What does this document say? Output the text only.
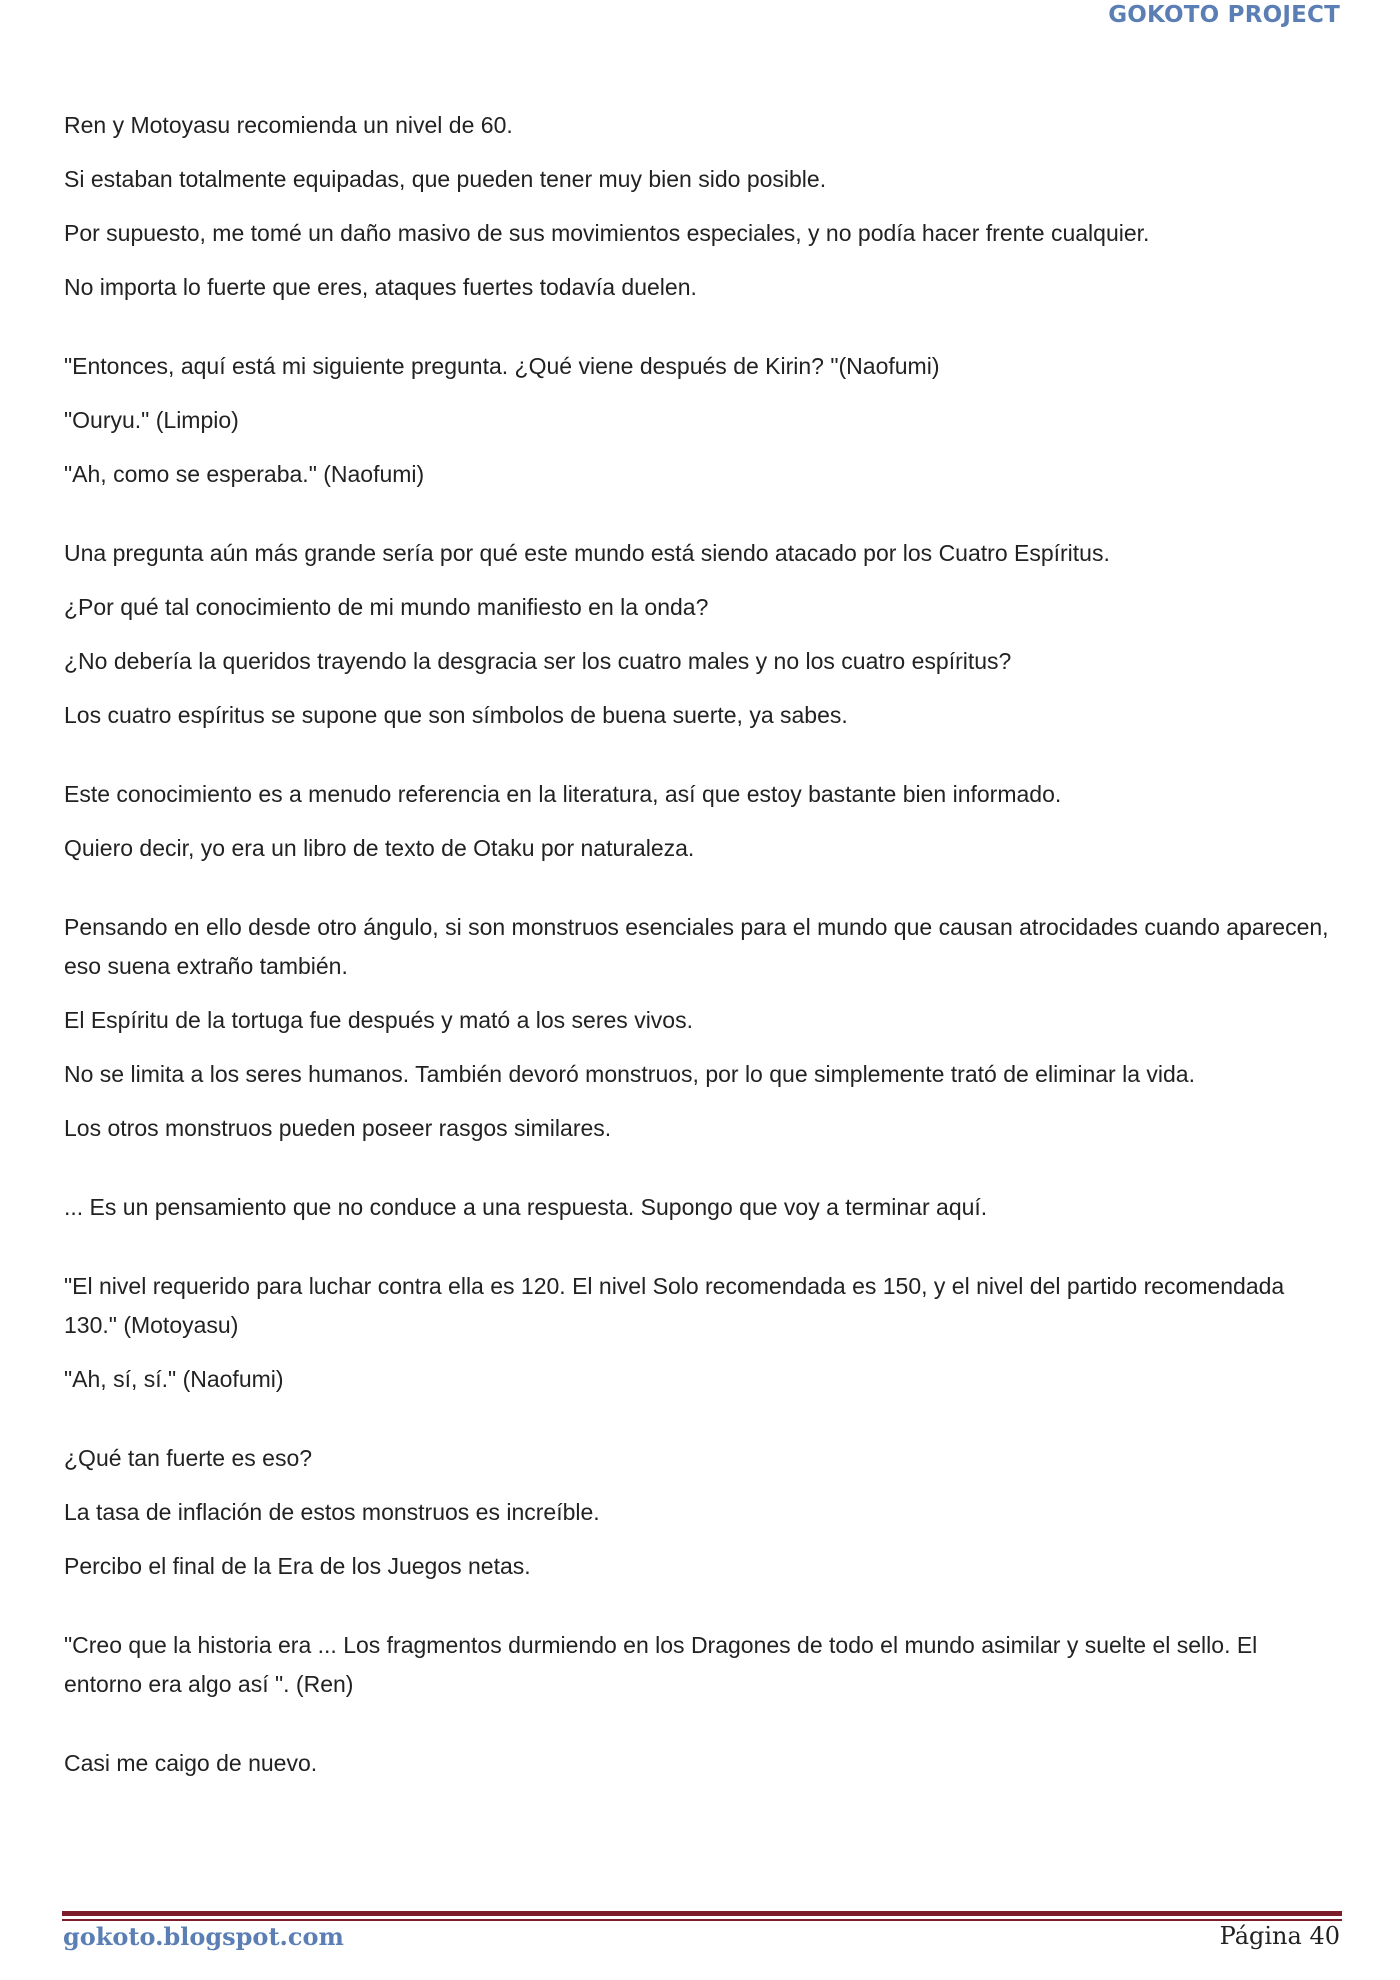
GOKOTO PROJECT

Ren y Motoyasu recomienda un nivel de 60.

Si estaban totalmente equipadas, que pueden tener muy bien sido posible.

Por supuesto, me tomé un daño masivo de sus movimientos especiales, y no podía hacer frente cualquier.

No importa lo fuerte que eres, ataques fuertes todavía duelen.

"Entonces, aquí está mi siguiente pregunta. ¿Qué viene después de Kirin? "(Naofumi)

"Ouryu." (Limpio)

"Ah, como se esperaba." (Naofumi)

Una pregunta aún más grande sería por qué este mundo está siendo atacado por los Cuatro Espíritus.

¿Por qué tal conocimiento de mi mundo manifiesto en la onda?

¿No debería la queridos trayendo la desgracia ser los cuatro males y no los cuatro espíritus?

Los cuatro espíritus se supone que son símbolos de buena suerte, ya sabes.

Este conocimiento es a menudo referencia en la literatura, así que estoy bastante bien informado.

Quiero decir, yo era un libro de texto de Otaku por naturaleza.

Pensando en ello desde otro ángulo, si son monstruos esenciales para el mundo que causan atrocidades cuando aparecen, eso suena extraño también.

El Espíritu de la tortuga fue después y mató a los seres vivos.

No se limita a los seres humanos. También devoró monstruos, por lo que simplemente trató de eliminar la vida.

Los otros monstruos pueden poseer rasgos similares.

... Es un pensamiento que no conduce a una respuesta. Supongo que voy a terminar aquí.

"El nivel requerido para luchar contra ella es 120. El nivel Solo recomendada es 150, y el nivel del partido recomendada 130." (Motoyasu)

"Ah, sí, sí." (Naofumi)

¿Qué tan fuerte es eso?

La tasa de inflación de estos monstruos es increíble.

Percibo el final de la Era de los Juegos netas.

"Creo que la historia era ... Los fragmentos durmiendo en los Dragones de todo el mundo asimilar y suelte el sello. El entorno era algo así ". (Ren)

Casi me caigo de nuevo.

gokoto.blogspot.com	Página 40
